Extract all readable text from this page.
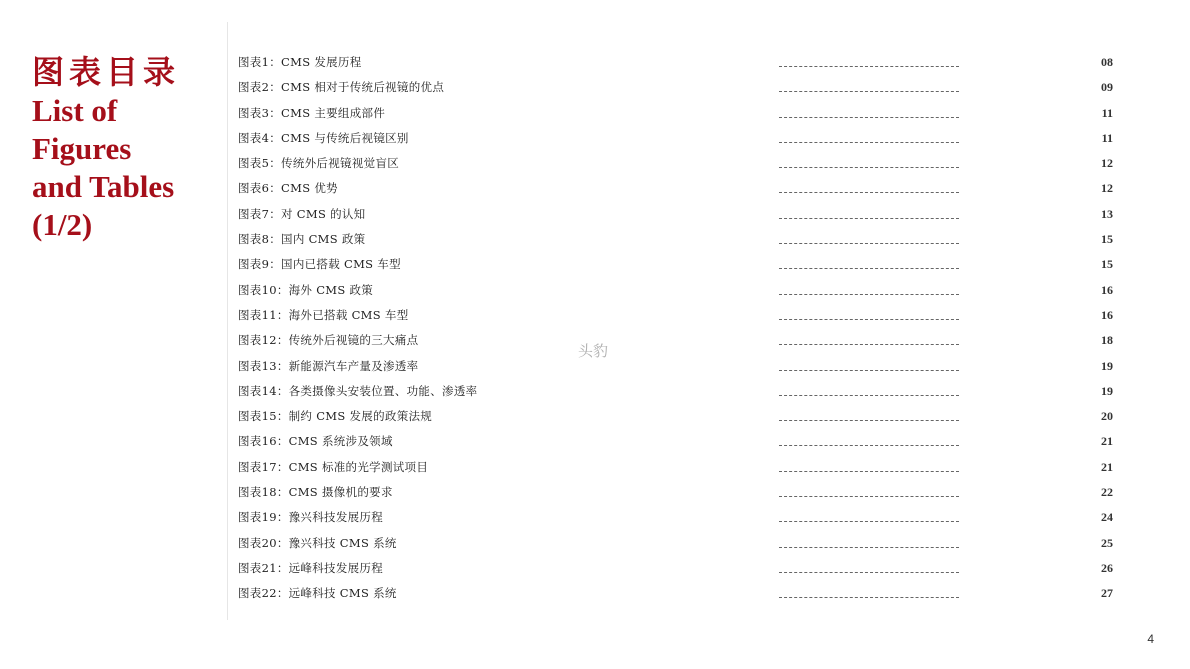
图表目录
List of
Figures
and Tables
(1/2)
图表1：CMS 发展历程	08
图表2：CMS 相对于传统后视镜的优点	09
图表3：CMS 主要组成部件	11
图表4：CMS 与传统后视镜区别	11
图表5：传统外后视镜视觉盲区	12
图表6：CMS 优势	12
图表7：对 CMS 的认知	13
图表8：国内 CMS 政策	15
图表9：国内已搭载 CMS 车型	15
图表10：海外 CMS 政策	16
图表11：海外已搭载 CMS 车型	16
图表12：传统外后视镜的三大痛点	18
图表13：新能源汽车产量及渗透率	19
图表14：各类摄像头安装位置、功能、渗透率	19
图表15：制约 CMS 发展的政策法规	20
图表16：CMS 系统涉及领域	21
图表17：CMS 标准的光学测试项目	21
图表18：CMS 摄像机的要求	22
图表19：豫兴科技发展历程	24
图表20：豫兴科技 CMS 系统	25
图表21：远峰科技发展历程	26
图表22：远峰科技 CMS 系统	27
头豹
4
